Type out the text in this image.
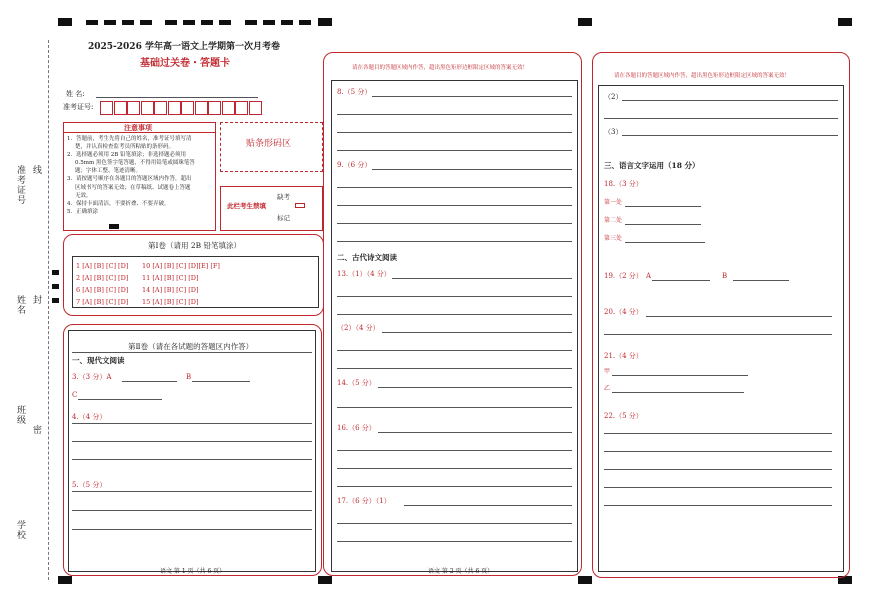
准考证号 线
姓名 封
班级
密
学校
2025-2026 学年高一语文上学期第一次月考卷
基础过关卷・答题卡
姓 名:
准考证号:
注意事项
1．答题前，考生先将自己的姓名，准考证号填写清
楚，并认真检查监考员所粘贴的条形码。
2．选择题必须用 2B 铅笔填涂；非选择题必须用
0.5mm 黑色签字笔答题，不得用铅笔或圆珠笔答
题；字体工整、笔迹清晰。
3．请按题号顺序在各题目的答题区域内作答，超出
区域书写的答案无效；在草稿纸、试题卷上答题
无效。
4．保持卡面清洁，不要折叠、不要弄破。
5．正确填涂
贴条形码区
此栏考生禁填
缺考
标记
第Ⅰ卷（请用 2B 铅笔填涂）
1 [A] [B] [C] [D]
2 [A] [B] [C] [D]
6 [A] [B] [C] [D]
7 [A] [B] [C] [D]
10 [A] [B] [C] [D][E] [F]
11 [A] [B] [C] [D]
14 [A] [B] [C] [D]
15 [A] [B] [C] [D]
第Ⅱ卷（请在各试题的答题区内作答）
一、现代文阅读
3.（3 分）A	B
C
4.（4 分）
5.（5 分）
语文 第 1 页（共 6 页）
请在各题目的答题区域内作答，超出黑色矩形边框限定区域的答案无效！
8.（5 分）
9.（6 分）
二、古代诗文阅读
13.（1）（4 分）
（2）（4 分）
14.（5 分）
16.（6 分）
17.（6 分）（1）
语文 第 2 页（共 6 页）
请在各题目的答题区域内作答，超出黑色矩形边框限定区域的答案无效！
（2）
（3）
三、语言文字运用（18 分）
18.（3 分）
第一处
第二处
第三处
19.（2 分） A	B
20.（4 分）
21.（4 分）
甲
乙
22.（5 分）
